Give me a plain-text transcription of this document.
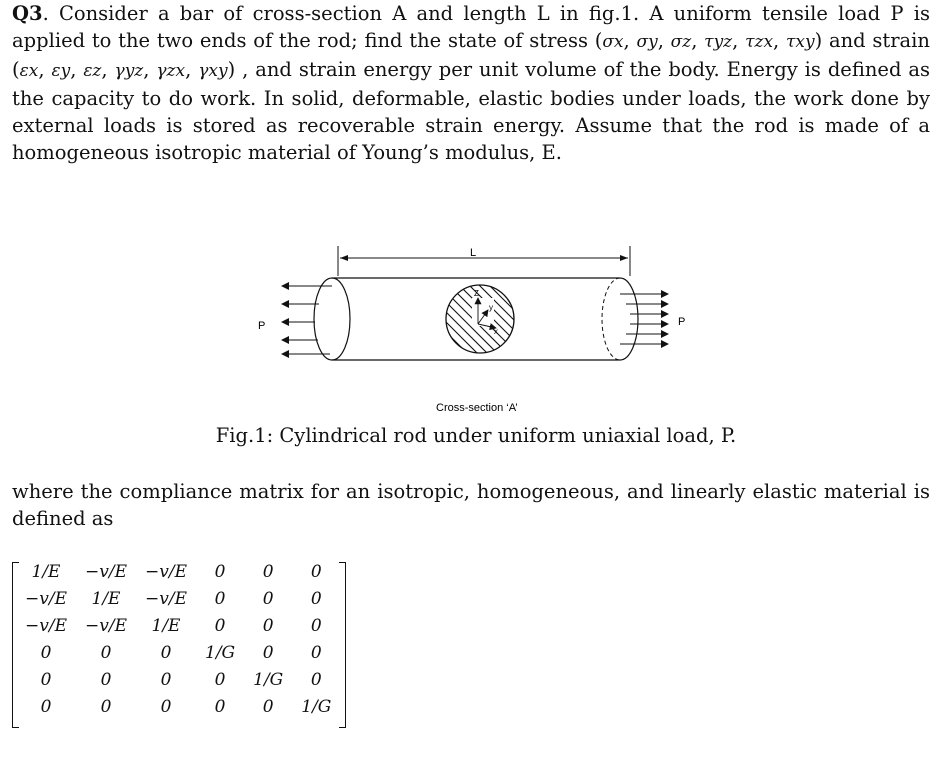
Q3. Consider a bar of cross-section A and length L in fig.1. A uniform tensile load P is applied to the two ends of the rod; find the state of stress (σx, σy, σz, τyz, τzx, τxy) and strain (εx, εy, εz, γyz, γzx, γxy) , and strain energy per unit volume of the body. Energy is defined as the capacity to do work. In solid, deformable, elastic bodies under loads, the work done by external loads is stored as recoverable strain energy. Assume that the rod is made of a homogeneous isotropic material of Young’s modulus, E.
L
Z
y
x
P	P
Cross-section ‘A’
Fig.1: Cylindrical rod under uniform uniaxial load, P.
where the compliance matrix for an isotropic, homogeneous, and linearly elastic material is defined as
1/E	−v/E	−v/E	0	0	0
−v/E	1/E	−v/E	0	0	0
−v/E	−v/E	1/E	0	0	0
0	0	0	1/G	0	0
0	0	0	0	1/G	0
0	0	0	0	0	1/G
